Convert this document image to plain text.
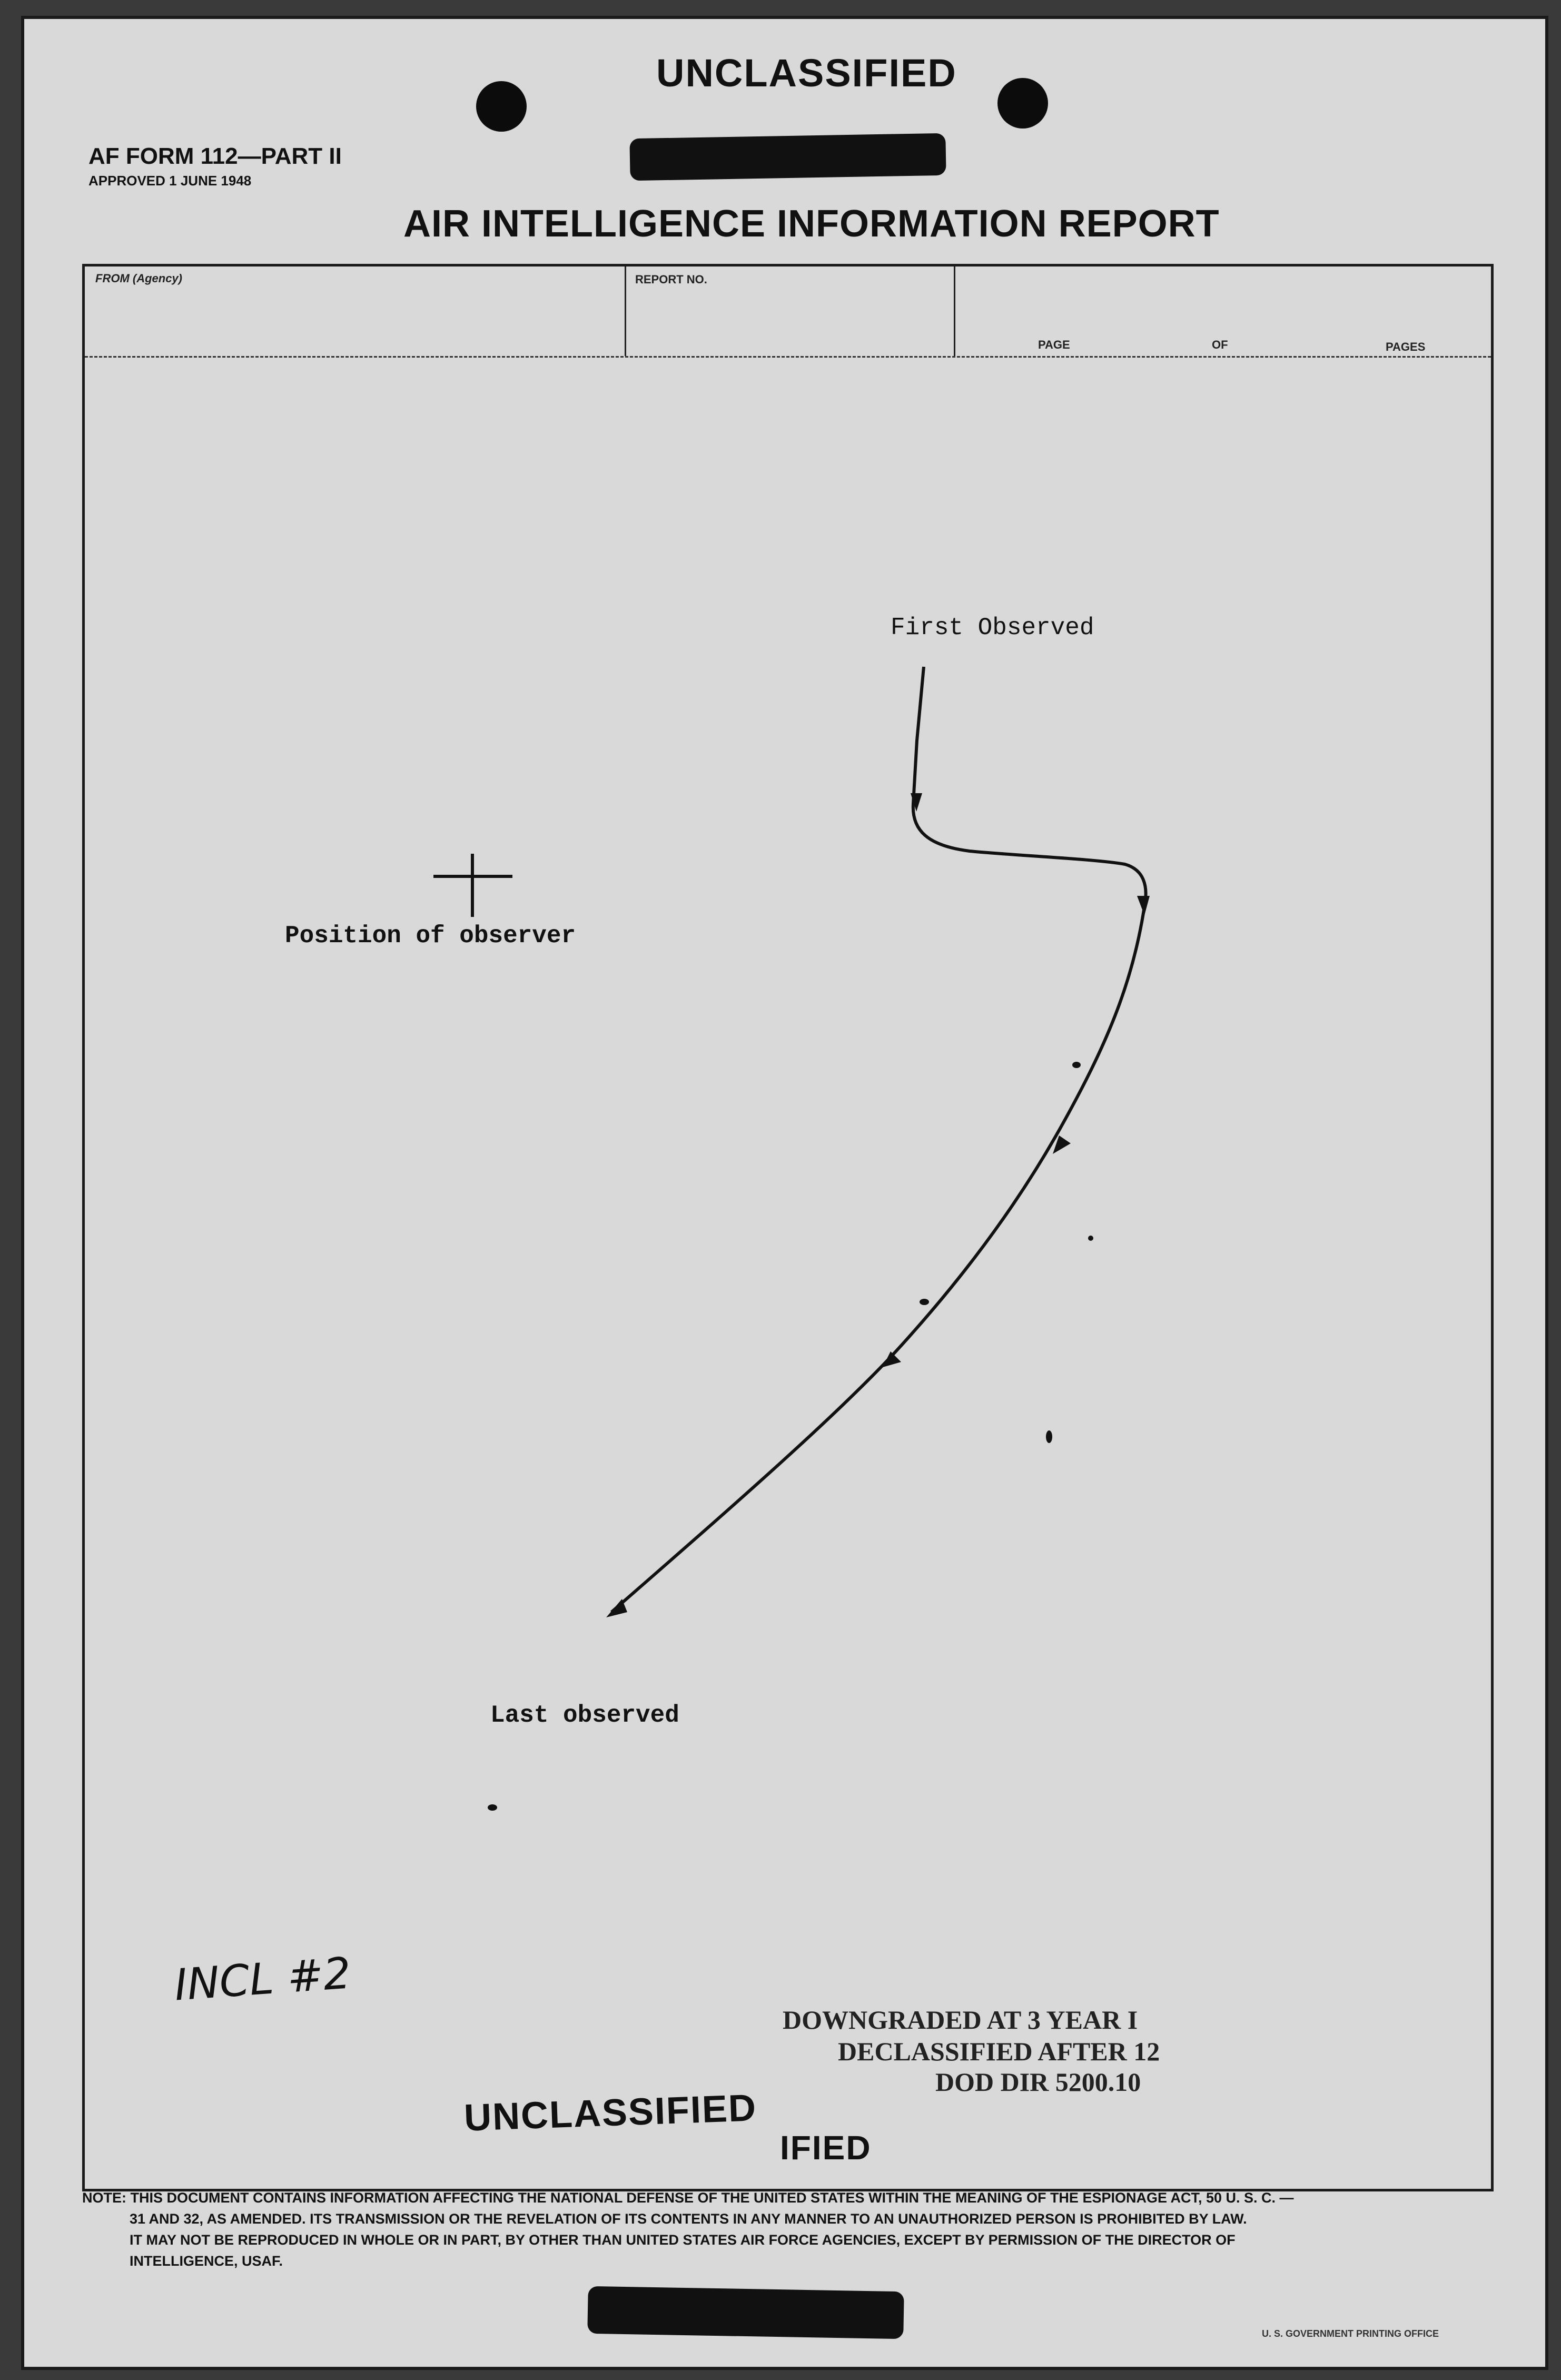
UNCLASSIFIED
AF FORM 112—PART II
APPROVED 1 JUNE 1948
AIR INTELLIGENCE INFORMATION REPORT
FROM (Agency)	REPORT NO.
PAGE	OF	PAGES
First Observed
Position of observer
Last observed
INCL #2
DOWNGRADED AT 3 YEAR I
DECLASSIFIED AFTER 12
DOD DIR 5200.10
UNCLASSIFIED
IFIED
NOTE: THIS DOCUMENT CONTAINS INFORMATION AFFECTING THE NATIONAL DEFENSE OF THE UNITED STATES WITHIN THE MEANING OF THE ESPIONAGE ACT, 50 U. S. C. —
31 AND 32, AS AMENDED. ITS TRANSMISSION OR THE REVELATION OF ITS CONTENTS IN ANY MANNER TO AN UNAUTHORIZED PERSON IS PROHIBITED BY LAW.
IT MAY NOT BE REPRODUCED IN WHOLE OR IN PART, BY OTHER THAN UNITED STATES AIR FORCE AGENCIES, EXCEPT BY PERMISSION OF THE DIRECTOR OF
INTELLIGENCE, USAF.
U. S. GOVERNMENT PRINTING OFFICE
